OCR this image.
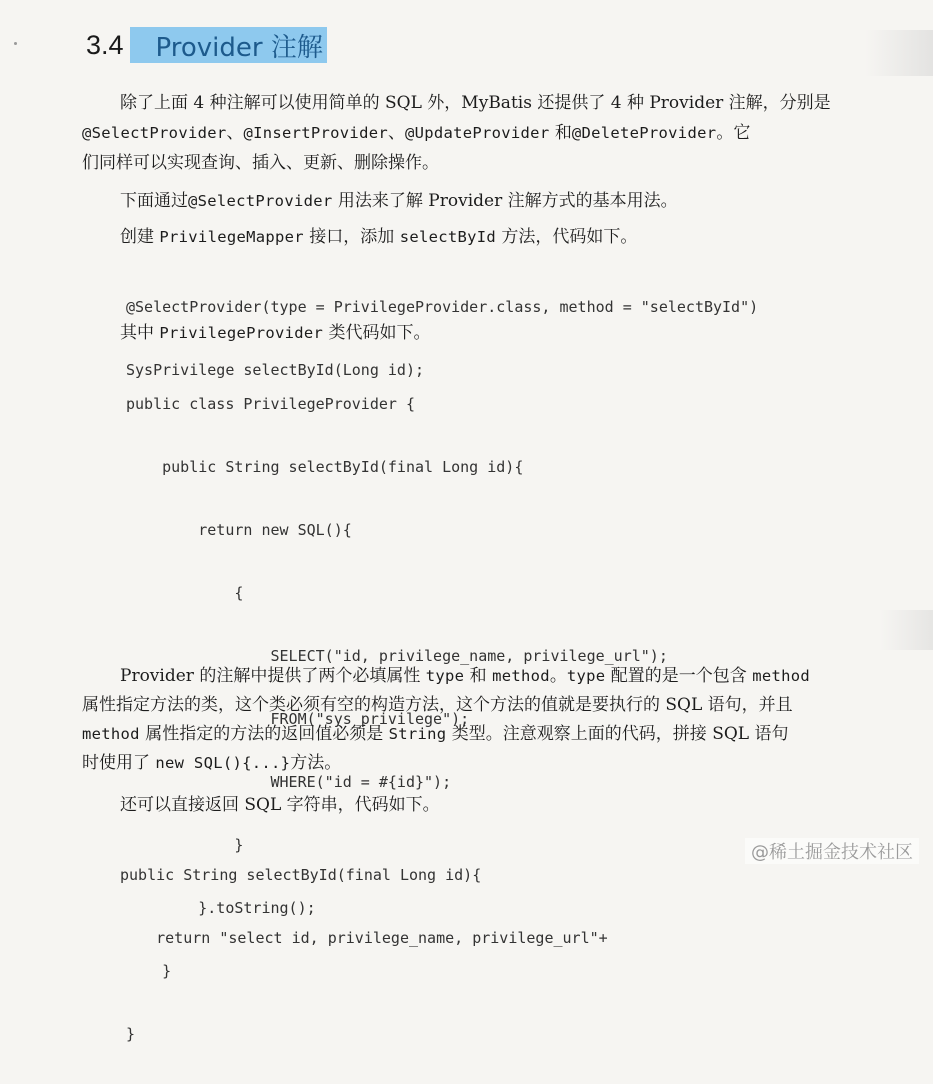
3.4	Provider 注解
除了上面 4 种注解可以使用简单的 SQL 外，MyBatis 还提供了 4 种 Provider 注解，分别是
@SelectProvider、@InsertProvider、@UpdateProvider 和@DeleteProvider。它
们同样可以实现查询、插入、更新、删除操作。
下面通过@SelectProvider 用法来了解 Provider 注解方式的基本用法。
创建 PrivilegeMapper 接口，添加 selectById 方法，代码如下。

@SelectProvider(type = PrivilegeProvider.class, method = "selectById")

SysPrivilege selectById(Long id);

其中 PrivilegeProvider 类代码如下。

public class PrivilegeProvider {

public String selectById(final Long id){

return new SQL(){

{

SELECT("id, privilege_name, privilege_url");

FROM("sys_privilege");

WHERE("id = #{id}");

}

}.toString();

}

}

Provider 的注解中提供了两个必填属性 type 和 method。type 配置的是一个包含 method
属性指定方法的类，这个类必须有空的构造方法，这个方法的值就是要执行的 SQL 语句，并且
method 属性指定的方法的返回值必须是 String 类型。注意观察上面的代码，拼接 SQL 语句
时使用了 new SQL(){...}方法。
还可以直接返回 SQL 字符串，代码如下。

public String selectById(final Long id){

return "select id, privilege_name, privilege_url"+

@稀土掘金技术社区
